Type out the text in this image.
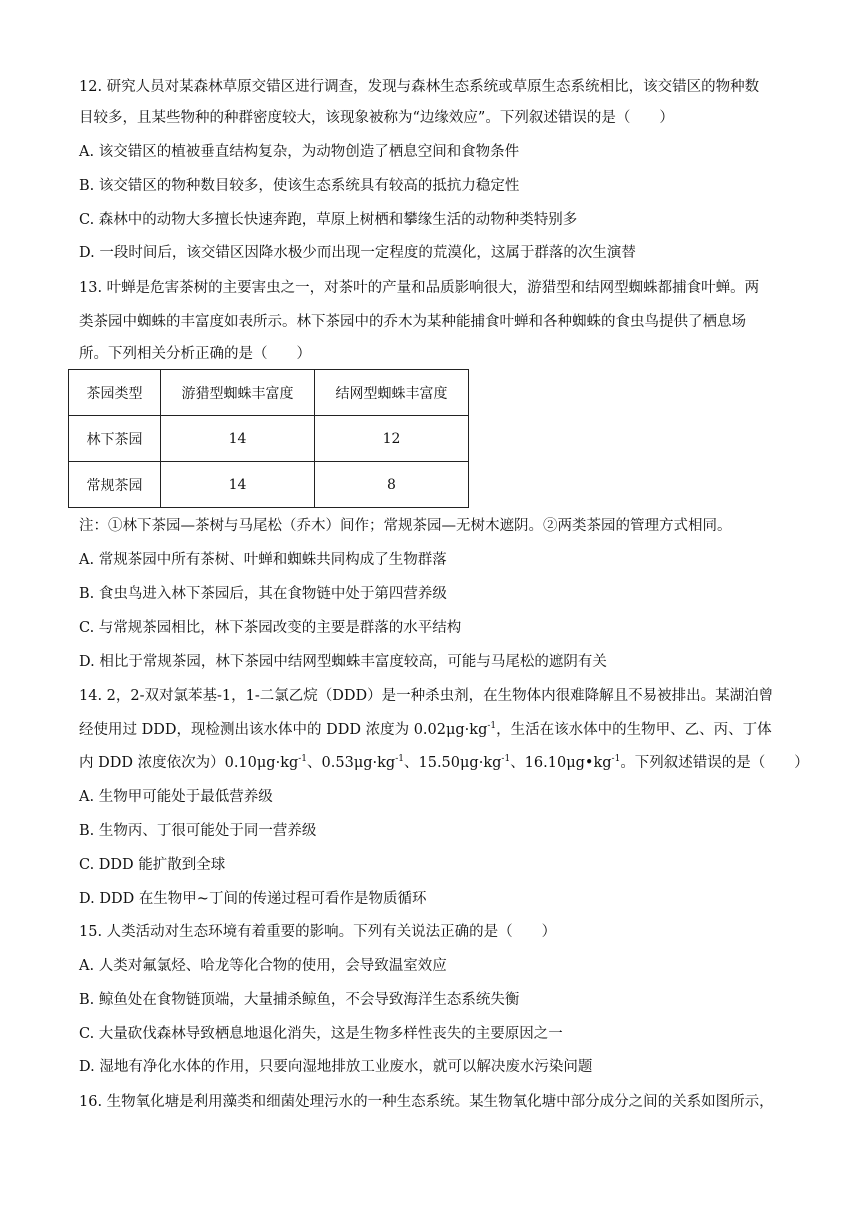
12. 研究人员对某森林草原交错区进行调查，发现与森林生态系统或草原生态系统相比，该交错区的物种数
目较多，且某些物种的种群密度较大，该现象被称为“边缘效应”。下列叙述错误的是（　　）
A. 该交错区的植被垂直结构复杂，为动物创造了栖息空间和食物条件
B. 该交错区的物种数目较多，使该生态系统具有较高的抵抗力稳定性
C. 森林中的动物大多擅长快速奔跑，草原上树栖和攀缘生活的动物种类特别多
D. 一段时间后，该交错区因降水极少而出现一定程度的荒漠化，这属于群落的次生演替
13. 叶蝉是危害茶树的主要害虫之一，对茶叶的产量和品质影响很大，游猎型和结网型蜘蛛都捕食叶蝉。两
类茶园中蜘蛛的丰富度如表所示。林下茶园中的乔木为某种能捕食叶蝉和各种蜘蛛的食虫鸟提供了栖息场
所。下列相关分析正确的是（　　）
茶园类型	游猎型蜘蛛丰富度	结网型蜘蛛丰富度
林下茶园	14	12
常规茶园	14	8
注：①林下茶园—茶树与马尾松（乔木）间作；常规茶园—无树木遮阴。②两类茶园的管理方式相同。
A. 常规茶园中所有茶树、叶蝉和蜘蛛共同构成了生物群落
B. 食虫鸟进入林下茶园后，其在食物链中处于第四营养级
C. 与常规茶园相比，林下茶园改变的主要是群落的水平结构
D. 相比于常规茶园，林下茶园中结网型蜘蛛丰富度较高，可能与马尾松的遮阴有关
14. 2，2-双对氯苯基-1，1-二氯乙烷（DDD）是一种杀虫剂，在生物体内很难降解且不易被排出。某湖泊曾
经使用过 DDD，现检测出该水体中的 DDD 浓度为 $0.02\mu g\cdot kg^{-1}$，生活在该水体中的生物甲、乙、丙、丁体
内 DDD 浓度依次为）$0.10\mu g\cdot kg^{-1}$、$0.53\mu g\cdot kg^{-1}$、$15.50\mu g\cdot kg^{-1}$、$16.10\mu g•kg^{-1}$。下列叙述错误的是（　　）
A. 生物甲可能处于最低营养级
B. 生物丙、丁很可能处于同一营养级
C. DDD 能扩散到全球
D. DDD 在生物甲~丁间的传递过程可看作是物质循环
15. 人类活动对生态环境有着重要的影响。下列有关说法正确的是（　　）
A. 人类对氟氯烃、哈龙等化合物的使用，会导致温室效应
B. 鲸鱼处在食物链顶端，大量捕杀鲸鱼，不会导致海洋生态系统失衡
C. 大量砍伐森林导致栖息地退化消失，这是生物多样性丧失的主要原因之一
D. 湿地有净化水体的作用，只要向湿地排放工业废水，就可以解决废水污染问题
16. 生物氧化塘是利用藻类和细菌处理污水的一种生态系统。某生物氧化塘中部分成分之间的关系如图所示，
